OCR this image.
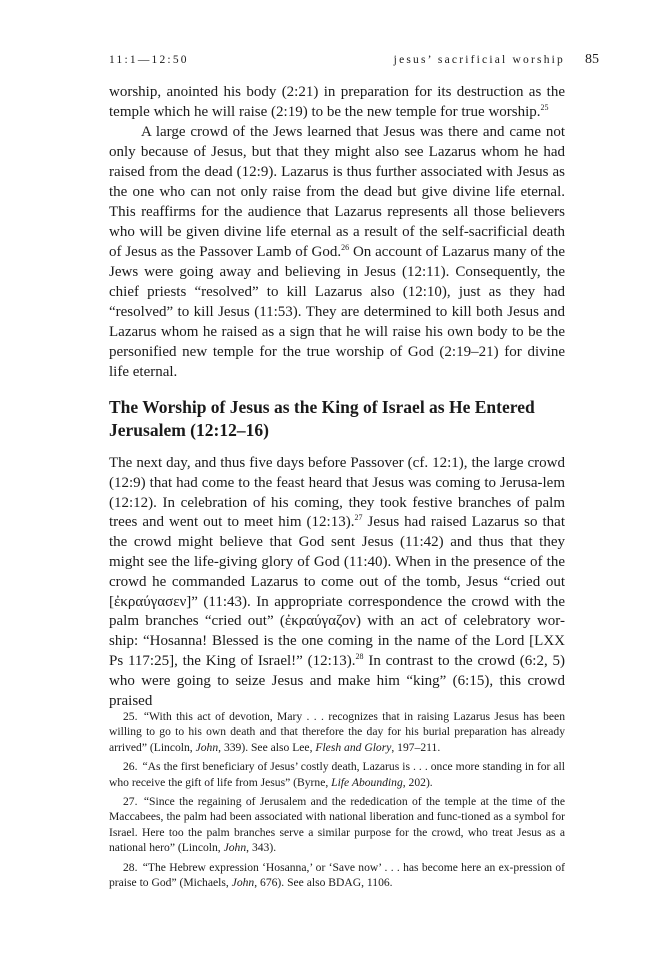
11:1—12:50	jesus’ sacrificial worship 85

worship, anointed his body (2:21) in preparation for its destruction as the temple which he will raise (2:19) to be the new temple for true worship.$^{25}$

A large crowd of the Jews learned that Jesus was there and came not only because of Jesus, but that they might also see Lazarus whom he had raised from the dead (12:9). Lazarus is thus further associated with Jesus as the one who can not only raise from the dead but give divine life eternal. This reaffirms for the audience that Lazarus represents all those believers who will be given divine life eternal as a result of the self-sacrificial death of Jesus as the Passover Lamb of God.$^{26}$ On account of Lazarus many of the Jews were going away and believing in Jesus (12:11). Consequently, the chief priests “resolved” to kill Lazarus also (12:10), just as they had “resolved” to kill Jesus (11:53). They are determined to kill both Jesus and Lazarus whom he raised as a sign that he will raise his own body to be the personified new temple for the true worship of God (2:19–21) for divine life eternal.

The Worship of Jesus as the King of Israel as He Entered Jerusalem (12:12–16)

The next day, and thus five days before Passover (cf. 12:1), the large crowd (12:9) that had come to the feast heard that Jesus was coming to Jerusa-lem (12:12). In celebration of his coming, they took festive branches of palm trees and went out to meet him (12:13).$^{27}$ Jesus had raised Lazarus so that the crowd might believe that God sent Jesus (11:42) and thus that they might see the life-giving glory of God (11:40). When in the presence of the crowd he commanded Lazarus to come out of the tomb, Jesus “cried out [ἐκραύγασεν]” (11:43). In appropriate correspondence the crowd with the palm branches “cried out” (ἐκραύγαζον) with an act of celebratory wor-ship: “Hosanna! Blessed is the one coming in the name of the Lord [LXX Ps 117:25], the King of Israel!” (12:13).$^{28}$ In contrast to the crowd (6:2, 5) who were going to seize Jesus and make him “king” (6:15), this crowd praised

25. “With this act of devotion, Mary . . . recognizes that in raising Lazarus Jesus has been willing to go to his own death and that therefore the day for his burial preparation has already arrived” (Lincoln, John, 339). See also Lee, Flesh and Glory, 197–211.

26. “As the first beneficiary of Jesus’ costly death, Lazarus is . . . once more standing in for all who receive the gift of life from Jesus” (Byrne, Life Abounding, 202).

27. “Since the regaining of Jerusalem and the rededication of the temple at the time of the Maccabees, the palm had been associated with national liberation and func-tioned as a symbol for Israel. Here too the palm branches serve a similar purpose for the crowd, who treat Jesus as a national hero” (Lincoln, John, 343).

28. “The Hebrew expression ‘Hosanna,’ or ‘Save now’ . . . has become here an ex-pression of praise to God” (Michaels, John, 676). See also BDAG, 1106.
